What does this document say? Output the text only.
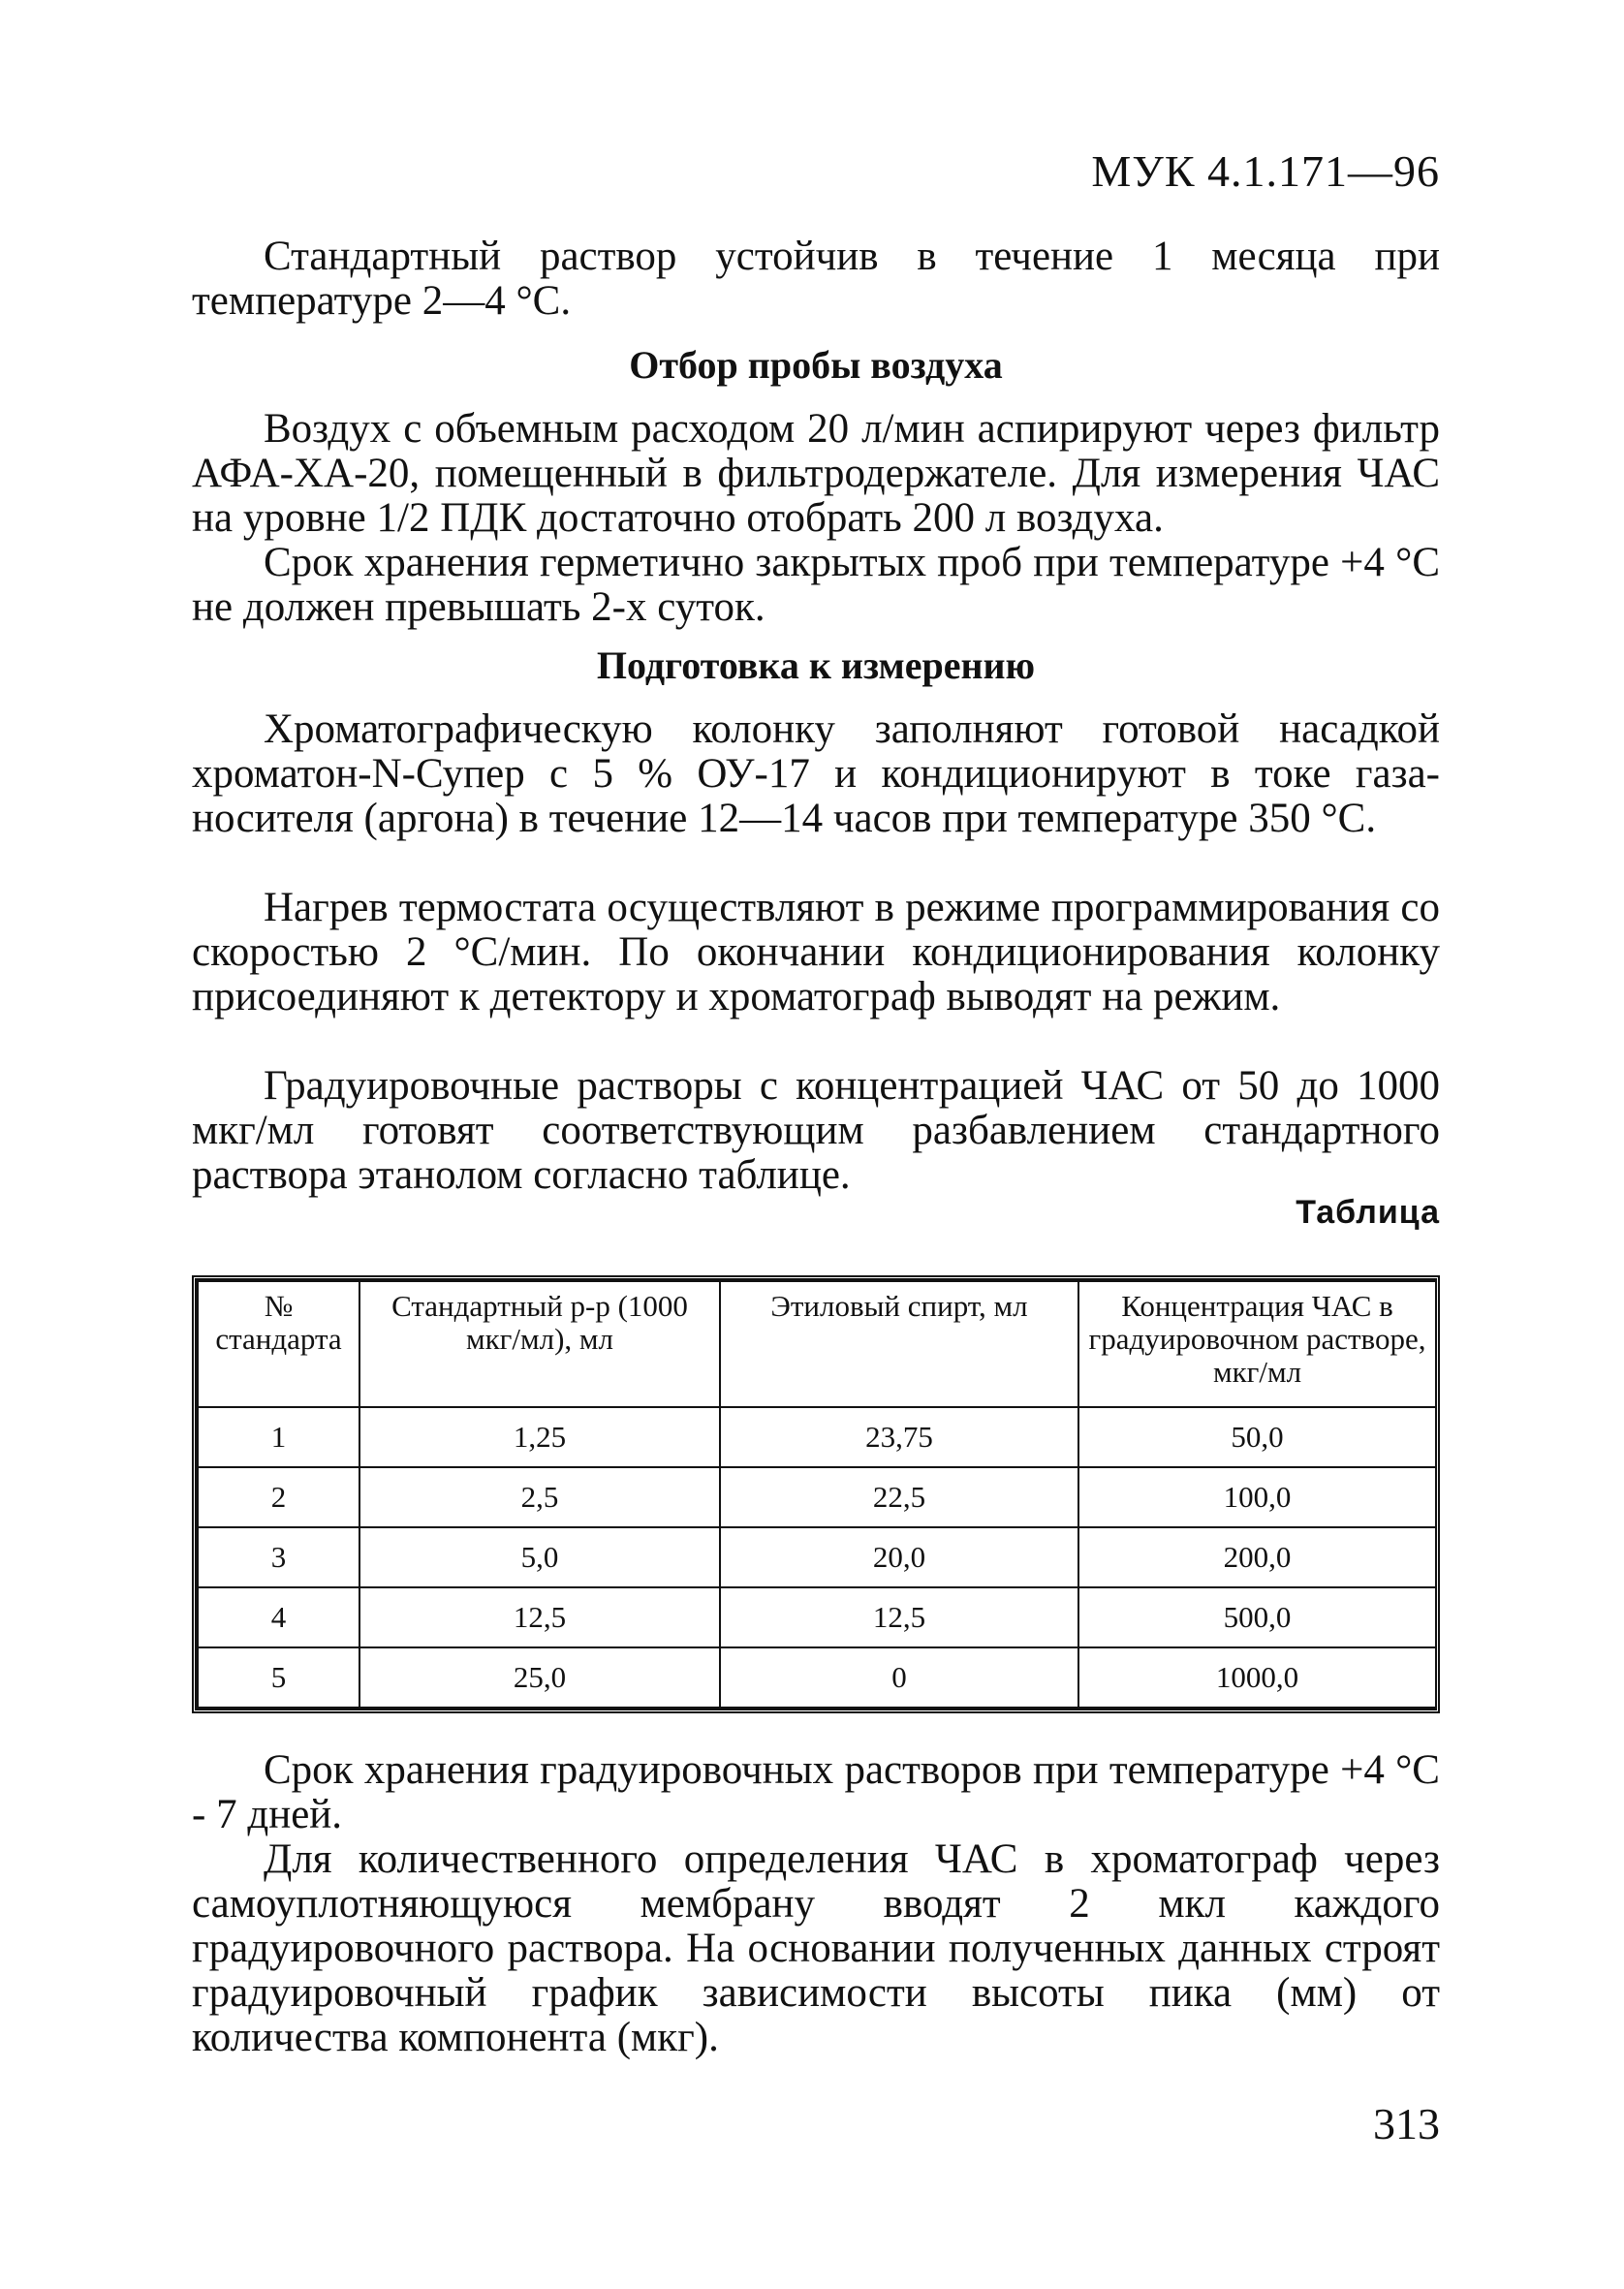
МУК 4.1.171—96

Стандартный раствор устойчив в течение 1 месяца при температуре 2—4 °С.

Отбор пробы воздуха

Воздух с объемным расходом 20 л/мин аспирируют через фильтр АФА-ХА-20, помещенный в фильтродержателе. Для измерения ЧАС на уровне 1/2 ПДК достаточно отобрать 200 л воздуха.

Срок хранения герметично закрытых проб при температуре +4 °С не должен превышать 2-х суток.

Подготовка к измерению

Хроматографическую колонку заполняют готовой насадкой хроматон-N-Супер с 5 % ОУ-17 и кондиционируют в токе газа-носителя (аргона) в течение 12—14 часов при температуре 350 °С.

Нагрев термостата осуществляют в режиме программирования со скоростью 2 °С/мин. По окончании кондиционирования колонку присоединяют к детектору и хроматограф выводят на режим.

Градуировочные растворы с концентрацией ЧАС от 50 до 1000 мкг/мл готовят соответствующим разбавлением стандартного раствора этанолом согласно таблице.

Таблица
№ стандарта	Стандартный р-р (1000 мкг/мл), мл	Этиловый спирт, мл	Концентрация ЧАС в градуировочном растворе, мкг/мл
1	1,25	23,75	50,0
2	2,5	22,5	100,0
3	5,0	20,0	200,0
4	12,5	12,5	500,0
5	25,0	0	1000,0

Срок хранения градуировочных растворов при температуре +4 °С - 7 дней.

Для количественного определения ЧАС в хроматограф через самоуплотняющуюся мембрану вводят 2 мкл каждого градуировочного раствора. На основании полученных данных строят градуировочный график зависимости высоты пика (мм) от количества компонента (мкг).

313
